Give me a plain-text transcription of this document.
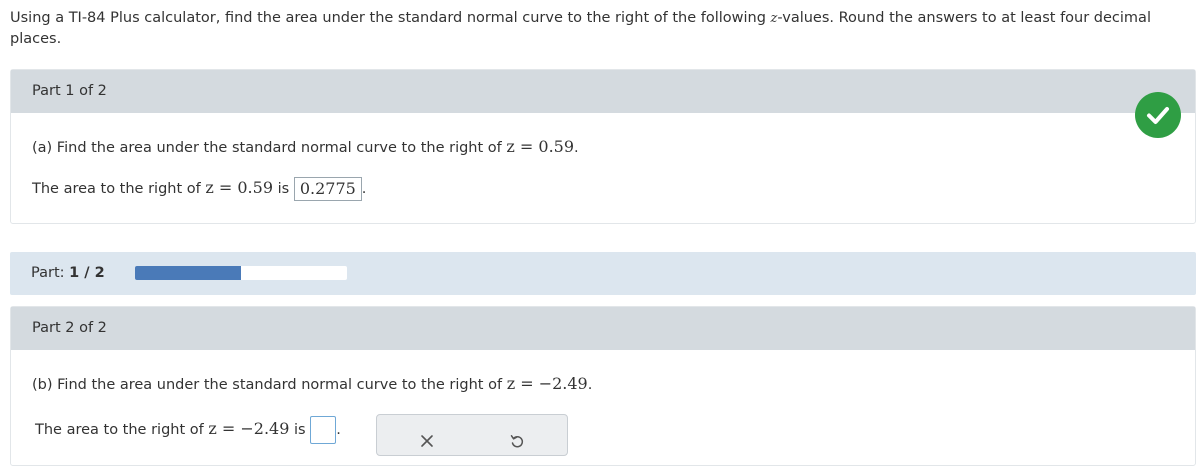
Using a TI-84 Plus calculator, find the area under the standard normal curve to the right of the following z-values. Round the answers to at least four decimal places.
Part 1 of 2
(a) Find the area under the standard normal curve to the right of z = 0.59.
The area to the right of z = 0.59 is 0.2775 .
Part: 1 / 2
Part 2 of 2
(b) Find the area under the standard normal curve to the right of z = −2.49.
The area to the right of z = −2.49 is .
